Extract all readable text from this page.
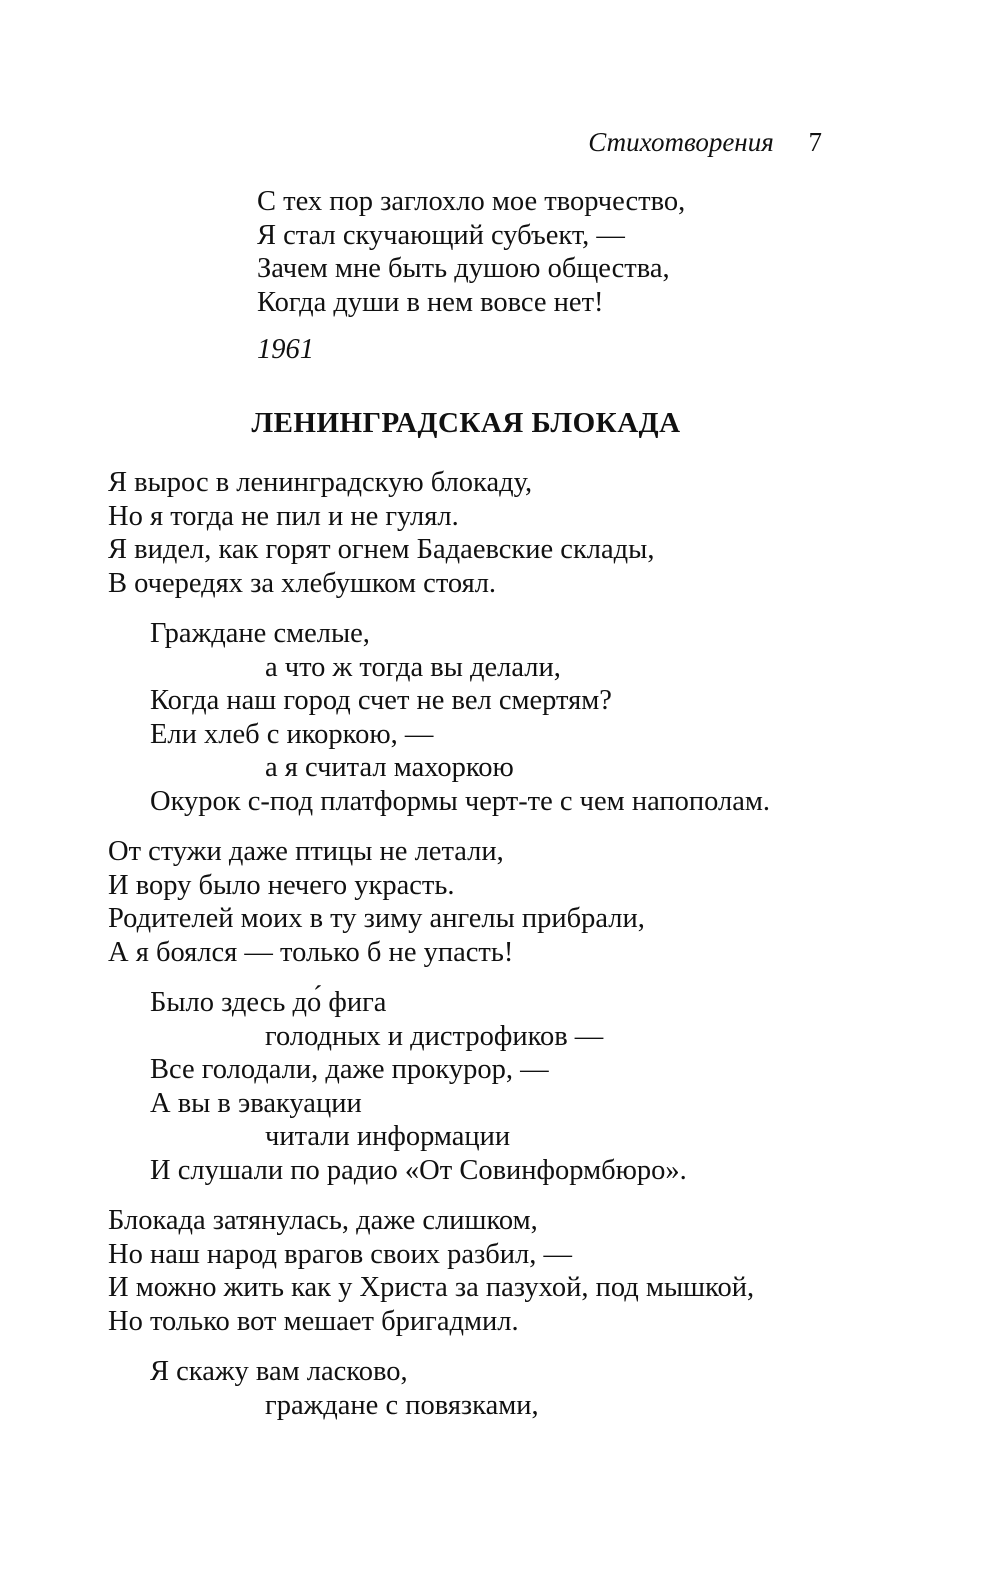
Стихотворения 7
С тех пор заглохло мое творчество,
Я стал скучающий субъект, —
Зачем мне быть душою общества,
Когда души в нем вовсе нет!
1961
ЛЕНИНГРАДСКАЯ БЛОКАДА
Я вырос в ленинградскую блокаду,
Но я тогда не пил и не гулял.
Я видел, как горят огнем Бадаевские склады,
В очередях за хлебушком стоял.
Граждане смелые,
а что ж тогда вы делали,
Когда наш город счет не вел смертям?
Ели хлеб с икоркою, —
а я считал махоркою
Окурок с-под платформы черт-те с чем напополам.
От стужи даже птицы не летали,
И вору было нечего украсть.
Родителей моих в ту зиму ангелы прибрали,
А я боялся — только б не упасть!
Было здесь до́ фига
голодных и дистрофиков —
Все голодали, даже прокурор, —
А вы в эвакуации
читали информации
И слушали по радио «От Совинформбюро».
Блокада затянулась, даже слишком,
Но наш народ врагов своих разбил, —
И можно жить как у Христа за пазухой, под мышкой,
Но только вот мешает бригадмил.
Я скажу вам ласково,
граждане с повязками,
